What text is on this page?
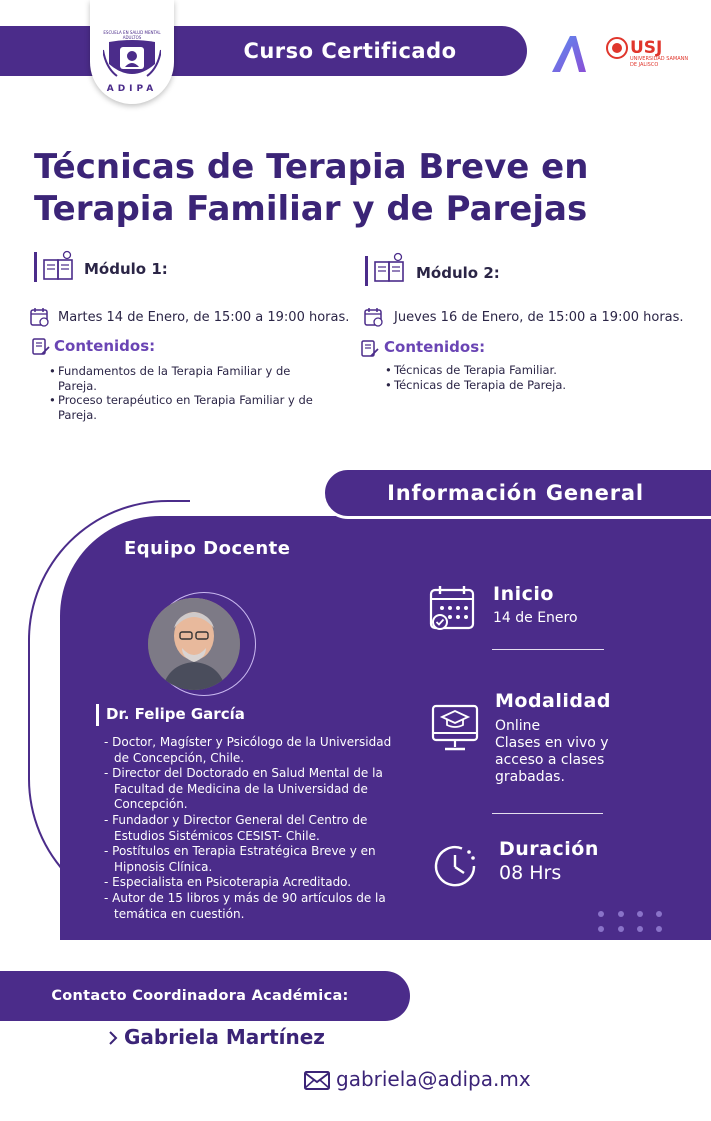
Curso Certificado
ESCUELA EN SALUD MENTAL ADULTOS
ADIPA
USJ
UNIVERSIDAD SAMANN DE JALISCO
Técnicas de Terapia Breve en
Terapia Familiar y de Parejas
Módulo 1:
Martes 14 de Enero, de 15:00 a 19:00 horas.
Contenidos:
• Fundamentos de la Terapia Familiar y de Pareja.
• Proceso terapéutico en Terapia Familiar y de Pareja.
Módulo 2:
Jueves 16 de Enero, de 15:00 a 19:00 horas.
Contenidos:
• Técnicas de Terapia Familiar.
• Técnicas de Terapia de Pareja.
Información General
Equipo Docente
Dr. Felipe García
- Doctor, Magíster y Psicólogo de la Universidad de Concepción, Chile.
- Director del Doctorado en Salud Mental de la Facultad de Medicina de la Universidad de Concepción.
- Fundador y Director General del Centro de Estudios Sistémicos CESIST- Chile.
- Postítulos en Terapia Estratégica Breve y en Hipnosis Clínica.
- Especialista en Psicoterapia Acreditado.
- Autor de 15 libros y más de 90 artículos de la temática en cuestión.
Inicio
14 de Enero
Modalidad
Online
Clases en vivo y acceso a clases grabadas.
Duración
08 Hrs
Contacto Coordinadora Académica:
Gabriela Martínez
gabriela@adipa.mx
